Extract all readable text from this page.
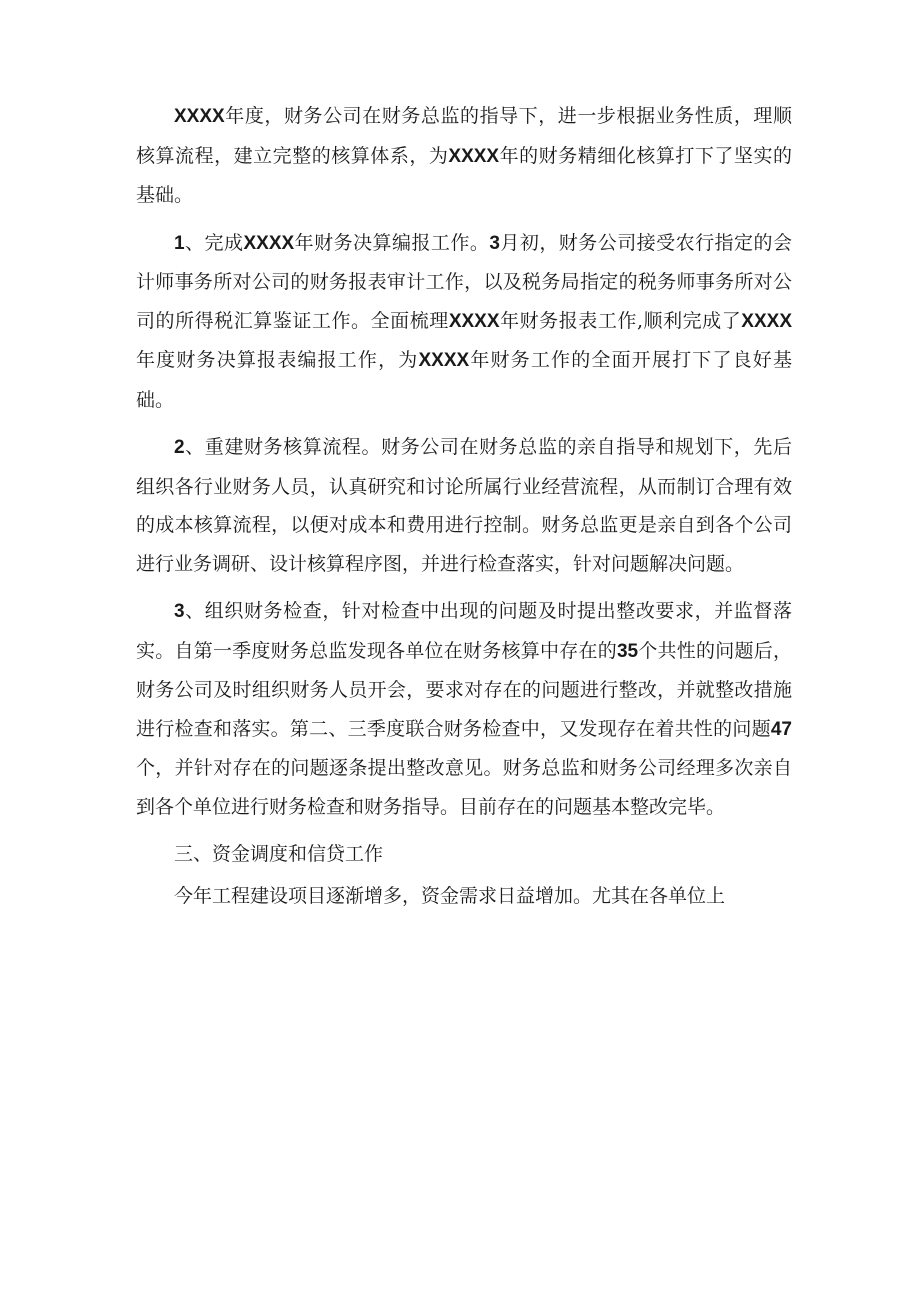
XXXX年度，财务公司在财务总监的指导下，进一步根据业务性质，理顺核算流程，建立完整的核算体系，为XXXX年的财务精细化核算打下了坚实的基础。

1、完成XXXX年财务决算编报工作。3月初，财务公司接受农行指定的会计师事务所对公司的财务报表审计工作，以及税务局指定的税务师事务所对公司的所得税汇算鉴证工作。全面梳理XXXX年财务报表工作,顺利完成了XXXX年度财务决算报表编报工作，为XXXX年财务工作的全面开展打下了良好基础。

2、重建财务核算流程。财务公司在财务总监的亲自指导和规划下，先后组织各行业财务人员，认真研究和讨论所属行业经营流程，从而制订合理有效的成本核算流程，以便对成本和费用进行控制。财务总监更是亲自到各个公司进行业务调研、设计核算程序图，并进行检查落实，针对问题解决问题。

3、组织财务检查，针对检查中出现的问题及时提出整改要求，并监督落实。自第一季度财务总监发现各单位在财务核算中存在的35个共性的问题后，财务公司及时组织财务人员开会，要求对存在的问题进行整改，并就整改措施进行检查和落实。第二、三季度联合财务检查中，又发现存在着共性的问题47个，并针对存在的问题逐条提出整改意见。财务总监和财务公司经理多次亲自到各个单位进行财务检查和财务指导。目前存在的问题基本整改完毕。

三、资金调度和信贷工作

今年工程建设项目逐渐增多，资金需求日益增加。尤其在各单位上
